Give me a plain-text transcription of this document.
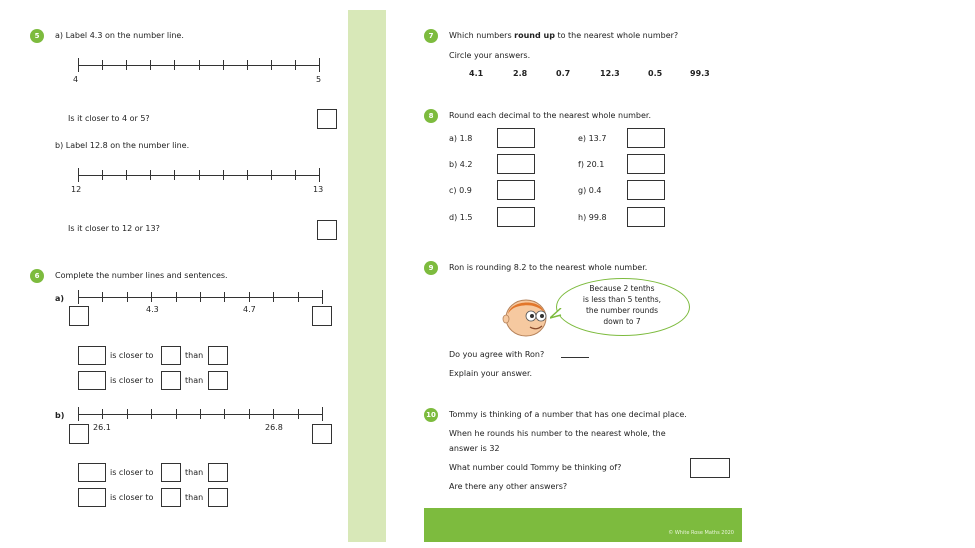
5	a) Label 4.3 on the number line.
4	5
Is it closer to 4 or 5?
b) Label 12.8 on the number line.
12	13
Is it closer to 12 or 13?
6	Complete the number lines and sentences.
a)
4.3	4.7
is closer to	than
is closer to	than
b)
26.1	26.8
is closer to	than
is closer to	than
7	Which numbers round up to the nearest whole number?
Circle your answers.
4.1	2.8	0.7	12.3	0.5	99.3
8	Round each decimal to the nearest whole number.
a) 1.8	e) 13.7
b) 4.2	f) 20.1
c) 0.9	g) 0.4
d) 1.5	h) 99.8
9	Ron is rounding 8.2 to the nearest whole number.
Because 2 tenths
is less than 5 tenths,
the number rounds
down to 7
Do you agree with Ron?
Explain your answer.
10 Tommy is thinking of a number that has one decimal place.
When he rounds his number to the nearest whole, the
answer is 32
What number could Tommy be thinking of?
Are there any other answers?
© White Rose Maths 2020
